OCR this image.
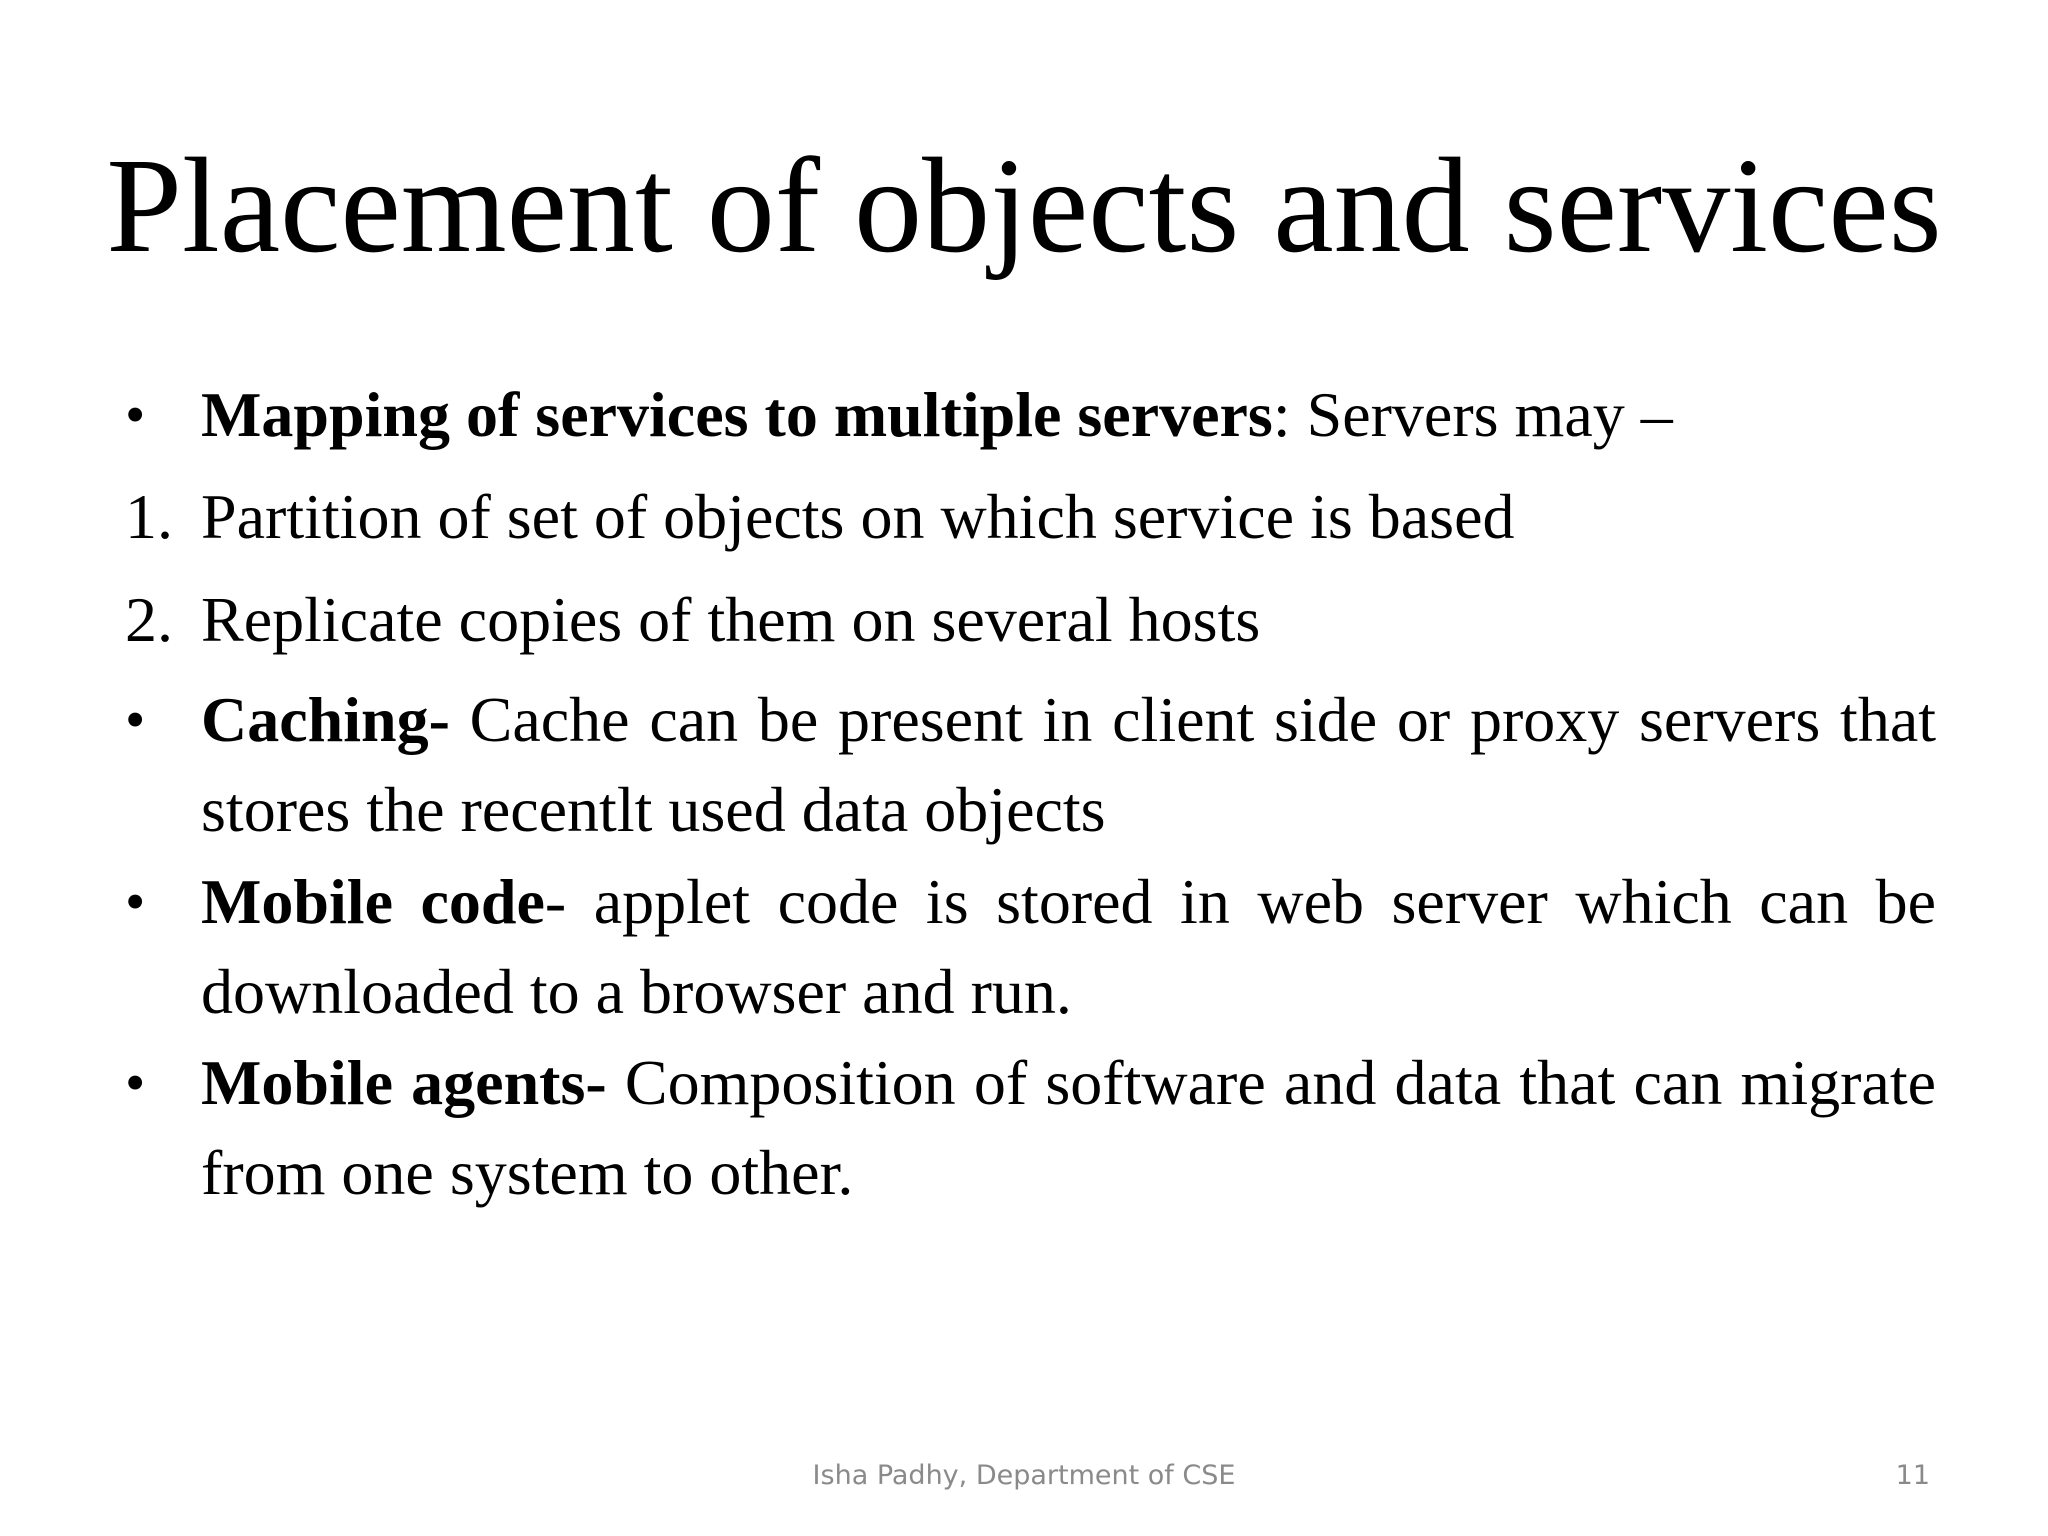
Placement of objects and services
• Mapping of services to multiple servers: Servers may –
1. Partition of set of objects on which service is based
2. Replicate copies of them on several hosts
• Caching- Cache can be present in client side or proxy servers that stores the recentlt used data objects
• Mobile code- applet code is stored in web server which can be downloaded to a browser and run.
• Mobile agents- Composition of software and data that can migrate from one system to other.
Isha Padhy, Department of CSE	11
